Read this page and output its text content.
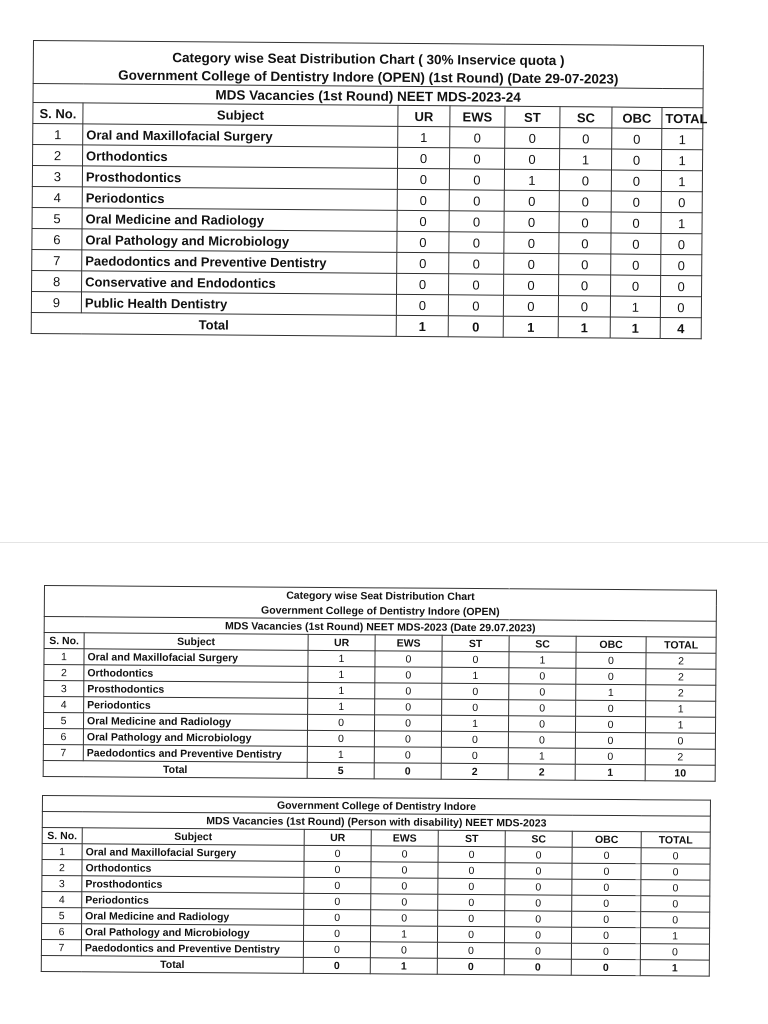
Category wise Seat Distribution Chart ( 30% Inservice quota )							
Government College of Dentistry Indore (OPEN) (1st Round) (Date 29-07-2023)							
MDS Vacancies (1st Round) NEET MDS-2023-24							
S. No.	Subject	UR	EWS	ST	SC	OBC	TOTAL
1	Oral and Maxillofacial Surgery	1	0	0	0	0	1
2	Orthodontics	0	0	0	1	0	1
3	Prosthodontics	0	0	1	0	0	1
4	Periodontics	0	0	0	0	0	0
5	Oral Medicine and Radiology	0	0	0	0	0	1
6	Oral Pathology and Microbiology	0	0	0	0	0	0
7	Paedodontics and Preventive Dentistry	0	0	0	0	0	0
8	Conservative and Endodontics	0	0	0	0	0	0
9	Public Health Dentistry	0	0	0	0	1	0
Total		1	0	1	1	1	4
Category wise Seat Distribution Chart							
Government College of Dentistry Indore (OPEN)							
MDS Vacancies (1st Round) NEET MDS-2023 (Date 29.07.2023)							
S. No.	Subject	UR	EWS	ST	SC	OBC	TOTAL
1	Oral and Maxillofacial Surgery	1	0	0	1	0	2
2	Orthodontics	1	0	1	0	0	2
3	Prosthodontics	1	0	0	0	1	2
4	Periodontics	1	0	0	0	0	1
5	Oral Medicine and Radiology	0	0	1	0	0	1
6	Oral Pathology and Microbiology	0	0	0	0	0	0
7	Paedodontics and Preventive Dentistry	1	0	0	1	0	2
Total		5	0	2	2	1	10
Government College of Dentistry Indore							
MDS Vacancies (1st Round) (Person with disability) NEET MDS-2023							
S. No.	Subject	UR	EWS	ST	SC	OBC	TOTAL
1	Oral and Maxillofacial Surgery	0	0	0	0	0	0
2	Orthodontics	0	0	0	0	0	0
3	Prosthodontics	0	0	0	0	0	0
4	Periodontics	0	0	0	0	0	0
5	Oral Medicine and Radiology	0	0	0	0	0	0
6	Oral Pathology and Microbiology	0	1	0	0	0	1
7	Paedodontics and Preventive Dentistry	0	0	0	0	0	0
Total		0	1	0	0	0	1
